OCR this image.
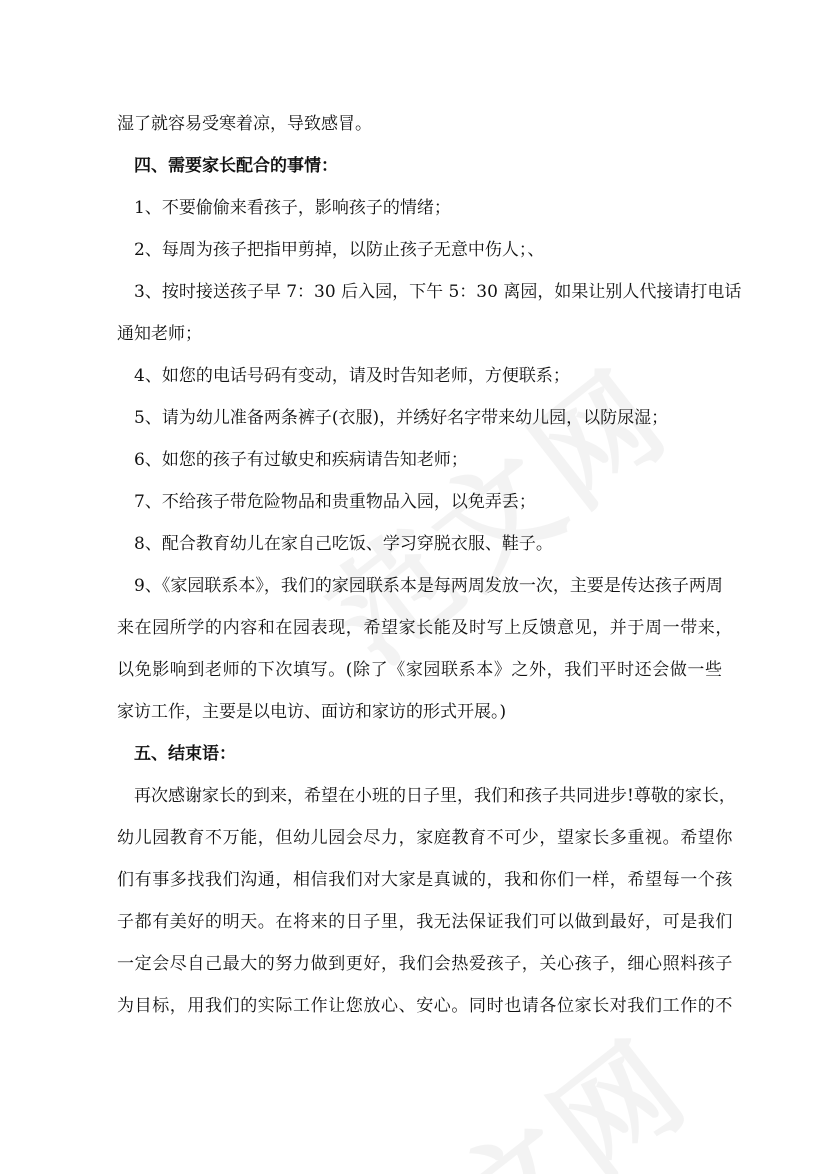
湿了就容易受寒着凉，导致感冒。
四、需要家长配合的事情：
1、不要偷偷来看孩子，影响孩子的情绪；
2、每周为孩子把指甲剪掉，以防止孩子无意中伤人；、
3、按时接送孩子早 7：30 后入园，下午 5：30 离园，如果让别人代接请打电话
通知老师；
4、如您的电话号码有变动，请及时告知老师，方便联系；
5、请为幼儿准备两条裤子(衣服)，并绣好名字带来幼儿园，以防尿湿；
6、如您的孩子有过敏史和疾病请告知老师；
7、不给孩子带危险物品和贵重物品入园，以免弄丢；
8、配合教育幼儿在家自己吃饭、学习穿脱衣服、鞋子。
9、《家园联系本》，我们的家园联系本是每两周发放一次，主要是传达孩子两周
来在园所学的内容和在园表现，希望家长能及时写上反馈意见，并于周一带来，
以免影响到老师的下次填写。(除了《家园联系本》之外，我们平时还会做一些
家访工作，主要是以电访、面访和家访的形式开展。)
五、结束语：
再次感谢家长的到来，希望在小班的日子里，我们和孩子共同进步!尊敬的家长，
幼儿园教育不万能，但幼儿园会尽力，家庭教育不可少，望家长多重视。希望你
们有事多找我们沟通，相信我们对大家是真诚的，我和你们一样，希望每一个孩
子都有美好的明天。在将来的日子里，我无法保证我们可以做到最好，可是我们
一定会尽自己最大的努力做到更好，我们会热爱孩子，关心孩子，细心照料孩子
为目标，用我们的实际工作让您放心、安心。同时也请各位家长对我们工作的不
